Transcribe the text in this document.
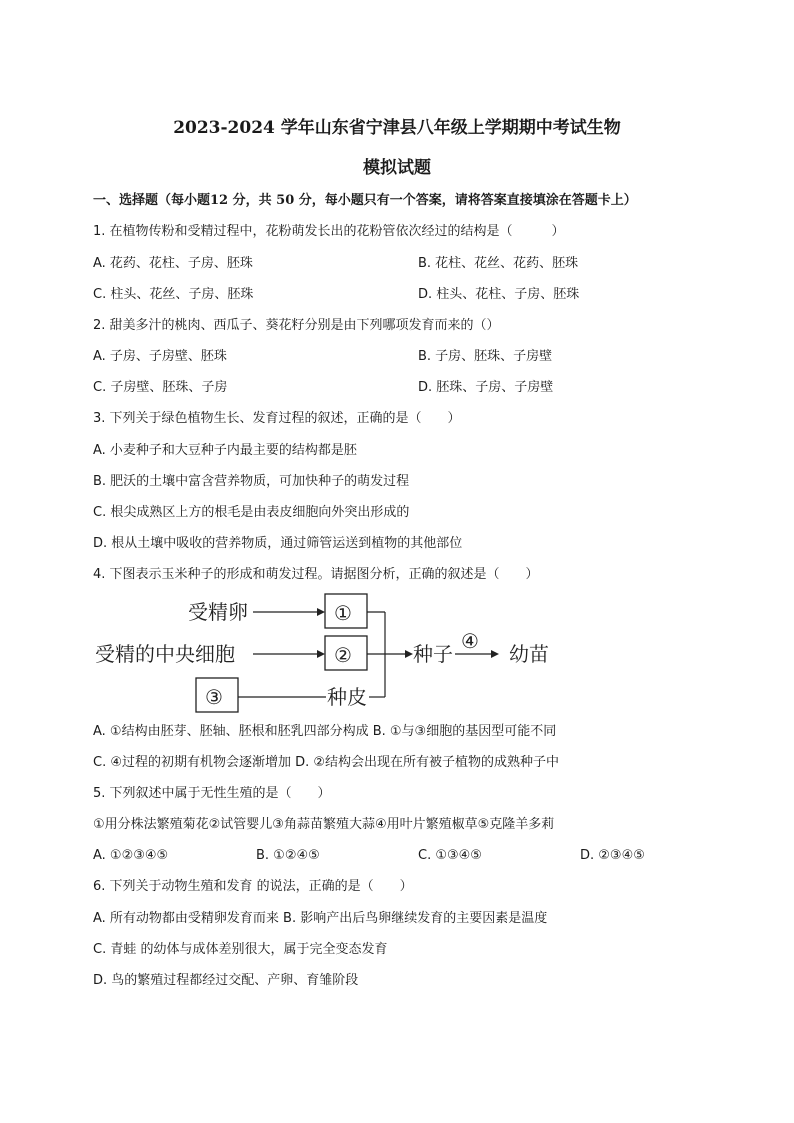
2023-2024 学年山东省宁津县八年级上学期期中考试生物
模拟试题
一、选择题（每小题12 分，共 50 分，每小题只有一个答案，请将答案直接填涂在答题卡上）
1. 在植物传粉和受精过程中，花粉萌发长出的花粉管依次经过的结构是（　　　）
A. 花药、花柱、子房、胚珠	B. 花柱、花丝、花药、胚珠
C. 柱头、花丝、子房、胚珠	D. 柱头、花柱、子房、胚珠
2. 甜美多汁的桃肉、西瓜子、葵花籽分别是由下列哪项发育而来的（）
A. 子房、子房壁、胚珠	B. 子房、胚珠、子房壁
C. 子房壁、胚珠、子房	D. 胚珠、子房、子房壁
3. 下列关于绿色植物生长、发育过程的叙述，正确的是（　　）
A. 小麦种子和大豆种子内最主要的结构都是胚
B. 肥沃的土壤中富含营养物质，可加快种子的萌发过程
C. 根尖成熟区上方的根毛是由表皮细胞向外突出形成的
D. 根从土壤中吸收的营养物质，通过筛管运送到植物的其他部位
4. 下图表示玉米种子的形成和萌发过程。请据图分析，正确的叙述是（　　）
受精卵	①
受精的中央细胞	②
③	种皮
种子
④
幼苗
A. ①结构由胚芽、胚轴、胚根和胚乳四部分构成 B. ①与③细胞的基因型可能不同
C. ④过程的初期有机物会逐渐增加 D. ②结构会出现在所有被子植物的成熟种子中
5. 下列叙述中属于无性生殖的是（　　）
①用分株法繁殖菊花②试管婴儿③角蒜苗繁殖大蒜④用叶片繁殖椒草⑤克隆羊多莉
A. ①②③④⑤	B. ①②④⑤	C. ①③④⑤	D. ②③④⑤
6. 下列关于动物生殖和发育 的说法，正确的是（　　）
A. 所有动物都由受精卵发育而来 B. 影响产出后鸟卵继续发育的主要因素是温度
C. 青蛙 的幼体与成体差别很大，属于完全变态发育
D. 鸟的繁殖过程都经过交配、产卵、育雏阶段
